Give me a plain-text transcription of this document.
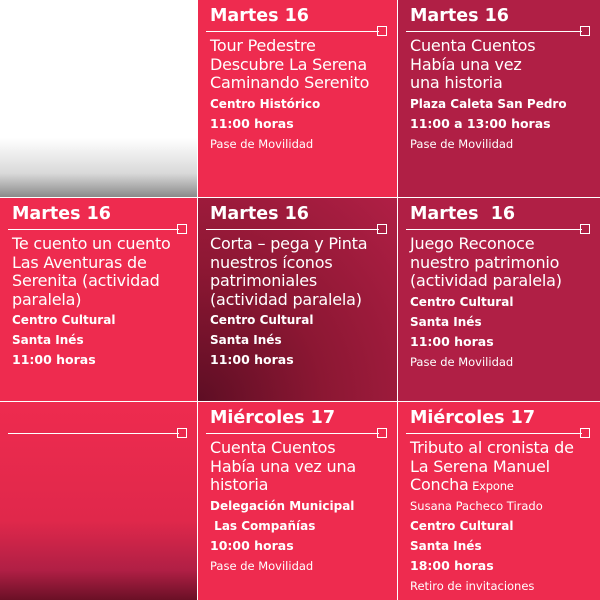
Martes 16
Tour Pedestre
Descubre La Serena
Caminando Serenito
Centro Histórico
11:00 horas
Pase de Movilidad
Martes 16
Cuenta Cuentos
Había una vez
una historia
Plaza Caleta San Pedro
11:00 a 13:00 horas
Pase de Movilidad
Martes 16
Te cuento un cuento
Las Aventuras de
Serenita (actividad
paralela)
Centro Cultural
Santa Inés
11:00 horas
Martes 16
Corta – pega y Pinta
nuestros íconos
patrimoniales
(actividad paralela)
Centro Cultural
Santa Inés
11:00 horas
Martes  16
Juego Reconoce
nuestro patrimonio
(actividad paralela)
Centro Cultural
Santa Inés
11:00 horas
Pase de Movilidad
Miércoles 17
Cuenta Cuentos
Había una vez una
historia
Delegación Municipal
Las Compañías
10:00 horas
Pase de Movilidad
Miércoles 17
Tributo al cronista de
La Serena Manuel
Concha Expone
Susana Pacheco Tirado
Centro Cultural
Santa Inés
18:00 horas
Retiro de invitaciones
